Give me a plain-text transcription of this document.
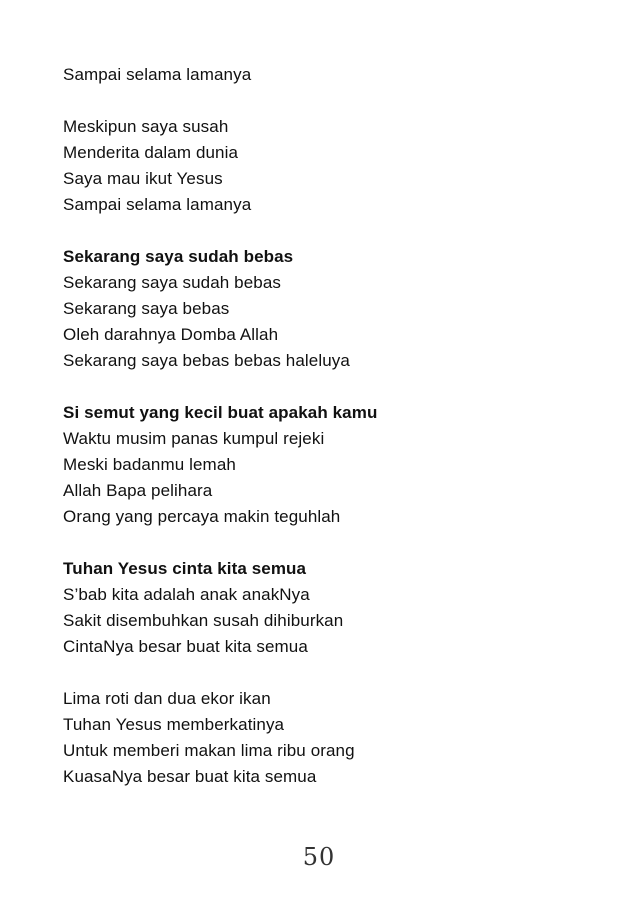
Sampai selama lamanya
Meskipun saya susah
Menderita dalam dunia
Saya mau ikut Yesus
Sampai selama lamanya
Sekarang saya sudah bebas
Sekarang saya sudah bebas
Sekarang saya bebas
Oleh darahnya Domba Allah
Sekarang saya bebas bebas haleluya
Si semut yang kecil buat apakah kamu
Waktu musim panas kumpul rejeki
Meski badanmu lemah
Allah Bapa pelihara
Orang yang percaya makin teguhlah
Tuhan Yesus cinta kita semua
S’bab kita adalah anak anakNya
Sakit disembuhkan susah dihiburkan
CintaNya besar buat kita semua
Lima roti dan dua ekor ikan
Tuhan Yesus memberkatinya
Untuk memberi makan lima ribu orang
KuasaNya besar buat kita semua
50
